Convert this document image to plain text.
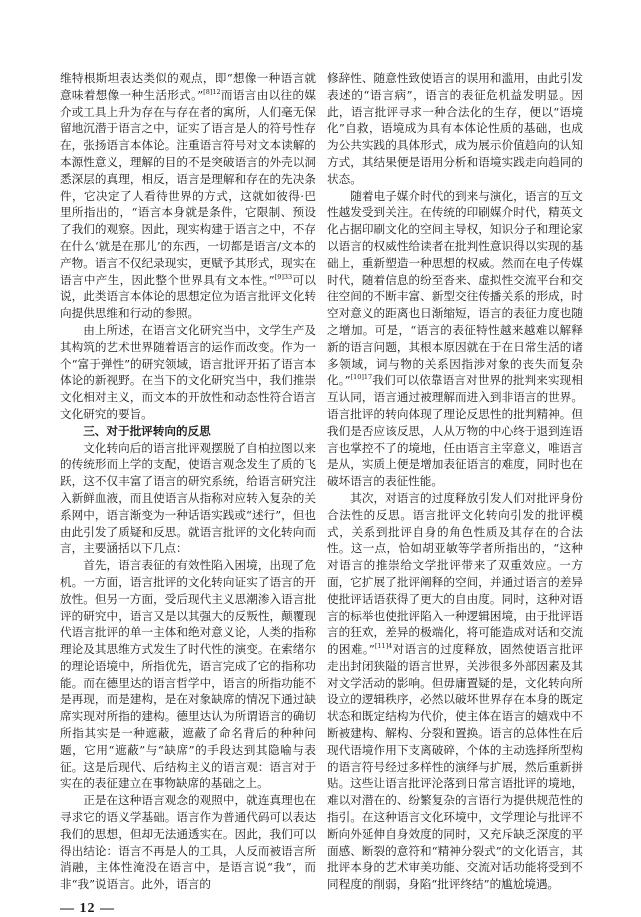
维特根斯坦表达类似的观点，即“想像一种语言就意味着想像一种生活形式。”$^{[8]12}$而语言由以往的媒介或工具上升为存在与存在者的寓所，人们毫无保留地沉潜于语言之中，证实了语言是人的符号性存在，张扬语言本体论。注重语言符号对文本读解的本源性意义，理解的目的不是突破语言的外壳以洞悉深层的真理，相反，语言是理解和存在的先决条件，它决定了人看待世界的方式，这就如彼得·巴里所指出的，“语言本身就是条件，它限制、预设了我们的观察。因此，现实构建于语言之中，不存在什么‘就是在那儿’的东西，一切都是语言/文本的产物。语言不仅纪录现实，更赋予其形式，现实在语言中产生，因此整个世界具有文本性。”$^{[9]33}$可以说，此类语言本体论的思想定位为语言批评文化转向提供思维和行动的参照。

由上所述，在语言文化研究当中，文学生产及其构筑的艺术世界随着语言的运作而改变。作为一个“富于弹性”的研究领域，语言批评开拓了语言本体论的新视野。在当下的文化研究当中，我们推崇文化相对主义，而文本的开放性和动态性符合语言文化研究的要旨。

三、对于批评转向的反思

文化转向后的语言批评观摆脱了自柏拉图以来的传统形而上学的支配，使语言观念发生了质的飞跃，这不仅丰富了语言的研究系统，给语言研究注入新鲜血液，而且使语言从指称对应转入复杂的关系网中，语言渐变为一种话语实践或“述行”，但也由此引发了质疑和反思。就语言批评的文化转向而言，主要涵括以下几点：

首先，语言表征的有效性陷入困境，出现了危机。一方面，语言批评的文化转向证实了语言的开放性。但另一方面，受后现代主义思潮渗入语言批评的研究中，语言又是以其强大的反叛性，颠覆现代语言批评的单一主体和绝对意义论，人类的指称理论及其思维方式发生了时代性的演变。在索绪尔的理论语境中，所指优先，语言完成了它的指称功能。而在德里达的语言哲学中，语言的所指功能不是再现，而是建构，是在对象缺席的情况下通过缺席实现对所指的建构。德里达认为所谓语言的确切所指其实是一种遮蔽，遮蔽了命名背后的种种问题，它用“遮蔽”与“缺席”的手段达到其隐喻与表征。这是后现代、后结构主义的语言观：语言对于实在的表征建立在事物缺席的基础之上。

正是在这种语言观念的观照中，就连真理也在寻求它的语义学基础。语言作为普通代码可以表达我们的思想，但却无法通透实在。因此，我们可以得出结论：语言不再是人的工具，人反而被语言所消融，主体性淹没在语言中，是语言说“我”，而非“我”说语言。此外，语言的

— 12 —

修辞性、随意性致使语言的误用和滥用，由此引发表述的“语言病”，语言的表征危机益发明显。因此，语言批评寻求一种合法化的生存，便以“语境化”自救，语境成为具有本体论性质的基础，也成为公共实践的具体形式，成为展示价值趋向的认知方式，其结果便是语用分析和语境实践走向趋同的状态。

随着电子媒介时代的到来与演化，语言的互文性越发受到关注。在传统的印刷媒介时代，精英文化占据印刷文化的空间主导权，知识分子和理论家以语言的权威性给读者在批判性意识得以实现的基础上，重新塑造一种思想的权威。然而在电子传媒时代，随着信息的纷至沓来、虚拟性交流平台和交往空间的不断丰富、新型交往传播关系的形成，时空对意义的距离也日渐缩短，语言的表征力度也随之增加。可是，“语言的表征特性越来越难以解释新的语言问题，其根本原因就在于在日常生活的诸多领域，词与物的关系因指涉对象的丧失而复杂化。”$^{[10]17}$我们可以依靠语言对世界的批判来实现相互认同，语言通过被理解而进入到非语言的世界。语言批评的转向体现了理论反思性的批判精神。但我们是否应该反思，人从万物的中心终于退到连语言也掌控不了的境地，任由语言主宰意义，唯语言是从，实质上便是增加表征语言的难度，同时也在破坏语言的表征性能。

其次，对语言的过度释放引发人们对批评身份合法性的反思。语言批评文化转向引发的批评模式，关系到批评自身的角色性质及其存在的合法性。这一点，恰如胡亚敏等学者所指出的，“这种对语言的推崇给文学批评带来了双重效应。一方面，它扩展了批评阐释的空间，并通过语言的差异使批评话语获得了更大的自由度。同时，这种对语言的标举也使批评陷入一种逻辑困境，由于批评语言的狂欢，差异的极端化，将可能造成对话和交流的困难。”$^{[11]4}$对语言的过度释放，固然使语言批评走出封闭狭隘的语言世界，关涉很多外部因素及其对文学活动的影响。但毋庸置疑的是，文化转向所设立的逻辑秩序，必然以破坏世界存在本身的既定状态和既定结构为代价，使主体在语言的嬉戏中不断被建构、解构、分裂和置换。语言的总体性在后现代语境作用下支离破碎，个体的主动选择所型构的语言符号经过多样性的演绎与扩展，然后重新拼贴。这些让语言批评沦落到日常言语批评的境地，难以对潜在的、纷繁复杂的言语行为提供规范性的指引。在这种语言文化环境中，文学理论与批评不断向外延伸自身效度的同时，又充斥缺乏深度的平面感、断裂的意符和“精神分裂式”的文化语言，其批评本身的艺术审美功能、交流对话功能将受到不同程度的削弱，身陷“批评终结”的尴尬境遇。
